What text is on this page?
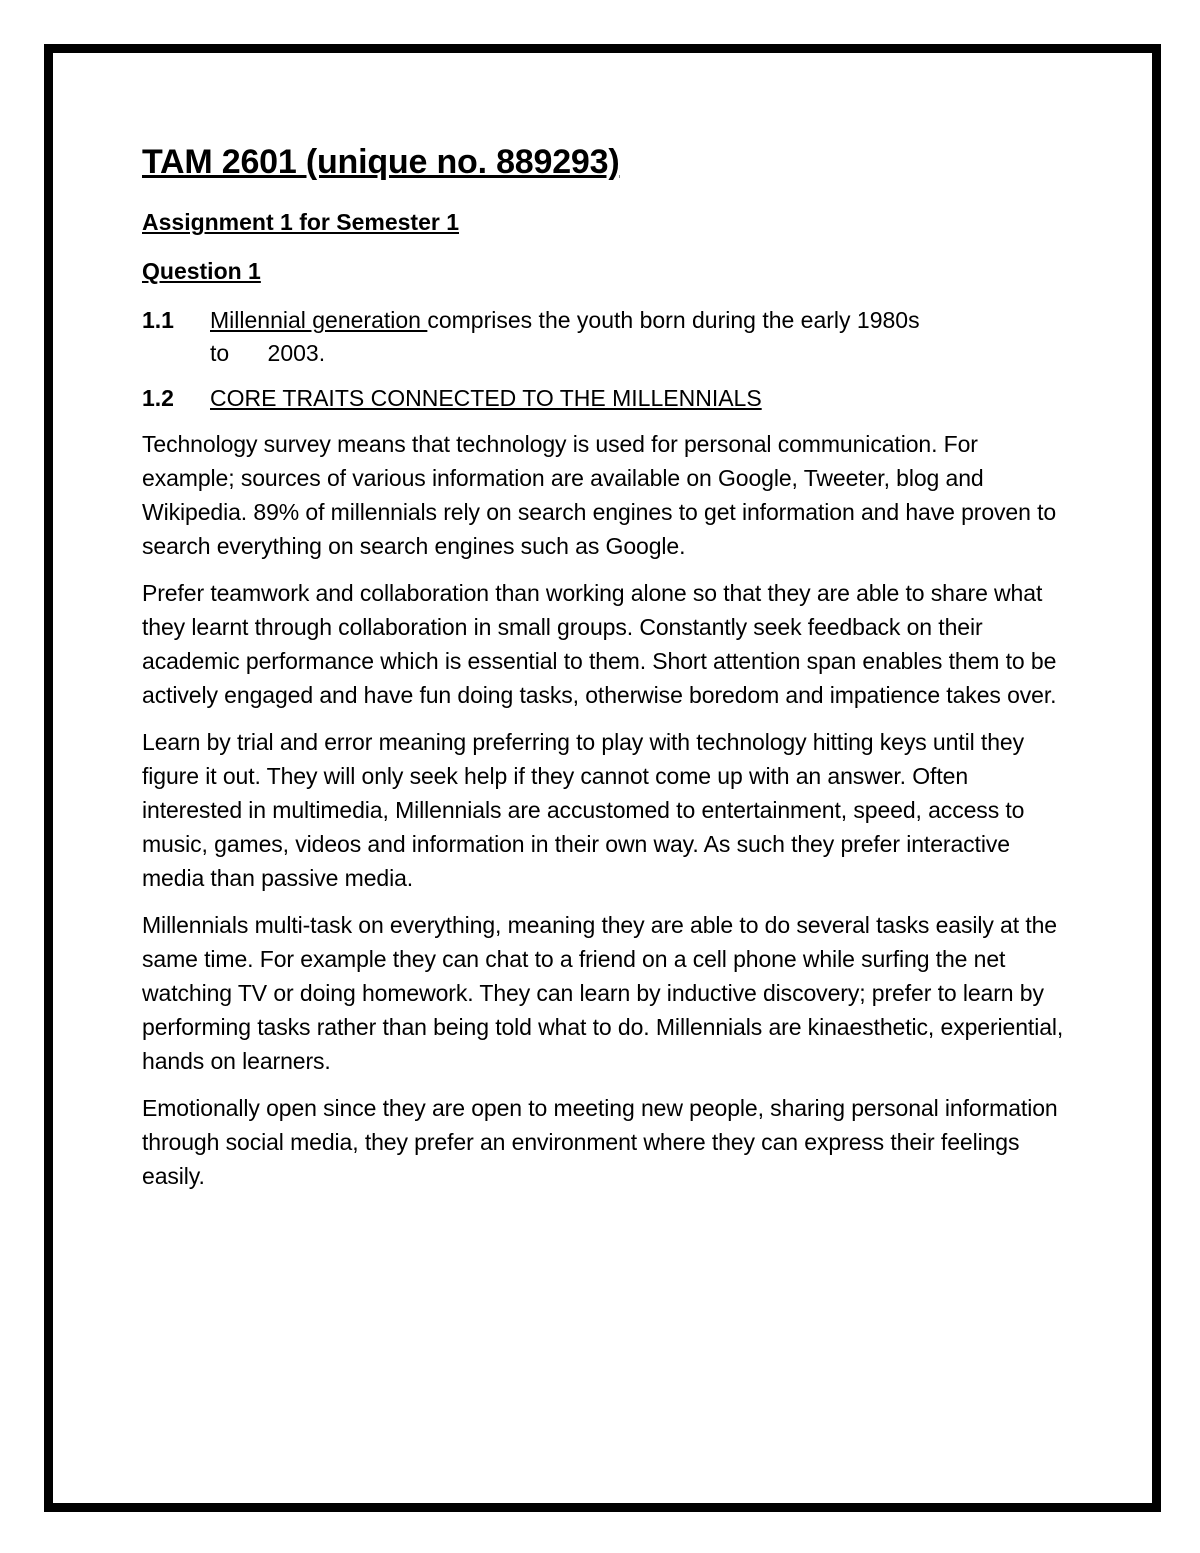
TAM 2601 (unique no. 889293)
Assignment 1 for Semester 1
Question 1
1.1	Millennial generation comprises the youth born during the early 1980s
to      2003.
1.2	CORE TRAITS CONNECTED TO THE MILLENNIALS

Technology survey means that technology is used for personal communication. For example; sources of various information are available on Google, Tweeter, blog and Wikipedia. 89% of millennials rely on search engines to get information and have proven to search everything on search engines such as Google.

Prefer teamwork and collaboration than working alone so that they are able to share what they learnt through collaboration in small groups. Constantly seek feedback on their academic performance which is essential to them. Short attention span enables them to be actively engaged and have fun doing tasks, otherwise boredom and impatience takes over.

Learn by trial and error meaning preferring to play with technology hitting keys until they figure it out. They will only seek help if they cannot come up with an answer. Often interested in multimedia, Millennials are accustomed to entertainment, speed, access to music, games, videos and information in their own way. As such they prefer interactive media than passive media.

Millennials multi-task on everything, meaning they are able to do several tasks easily at the same time. For example they can chat to a friend on a cell phone while surfing the net watching TV or doing homework. They can learn by inductive discovery; prefer to learn by performing tasks rather than being told what to do. Millennials are kinaesthetic, experiential, hands on learners.

Emotionally open since they are open to meeting new people, sharing personal information through social media, they prefer an environment where they can express their feelings easily.
